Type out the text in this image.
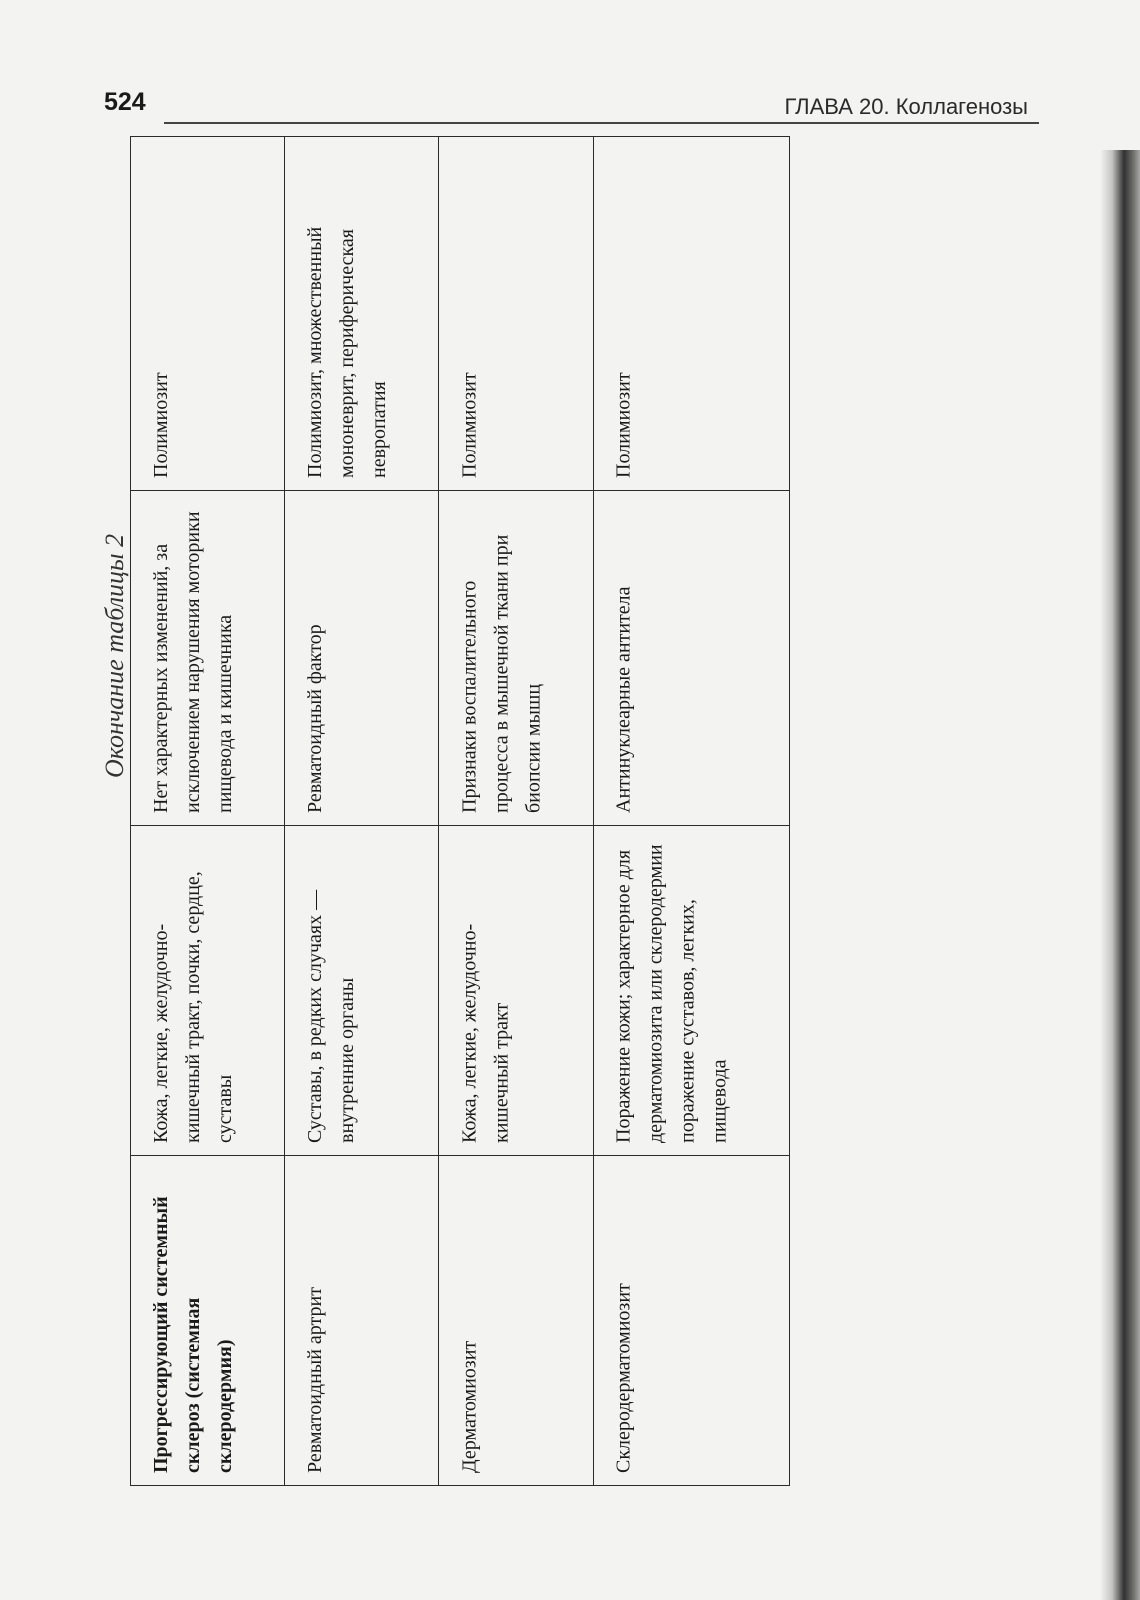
524	ГЛАВА 20. Коллагенозы
Окончание таблицы 2
Прогрессирующий системный склероз (системная склеродермия)	Кожа, легкие, желудочно-кишечный тракт, почки, сердце, суставы	Нет характерных изменений, за исключением нарушения моторики пищевода и кишечника	Полимиозит
Ревматоидный артрит	Суставы, в редких случаях — внутренние органы	Ревматоидный фактор	Полимиозит, множественный мононеврит, периферическая невропатия
Дерматомиозит	Кожа, легкие, желудочно-кишечный тракт	Признаки воспалительного процесса в мышечной ткани при биопсии мышц	Полимиозит
Склеродерматомиозит	Поражение кожи; характерное для дерматомиозита или склеродермии поражение суставов, легких, пищевода	Антинуклеарные антитела	Полимиозит
